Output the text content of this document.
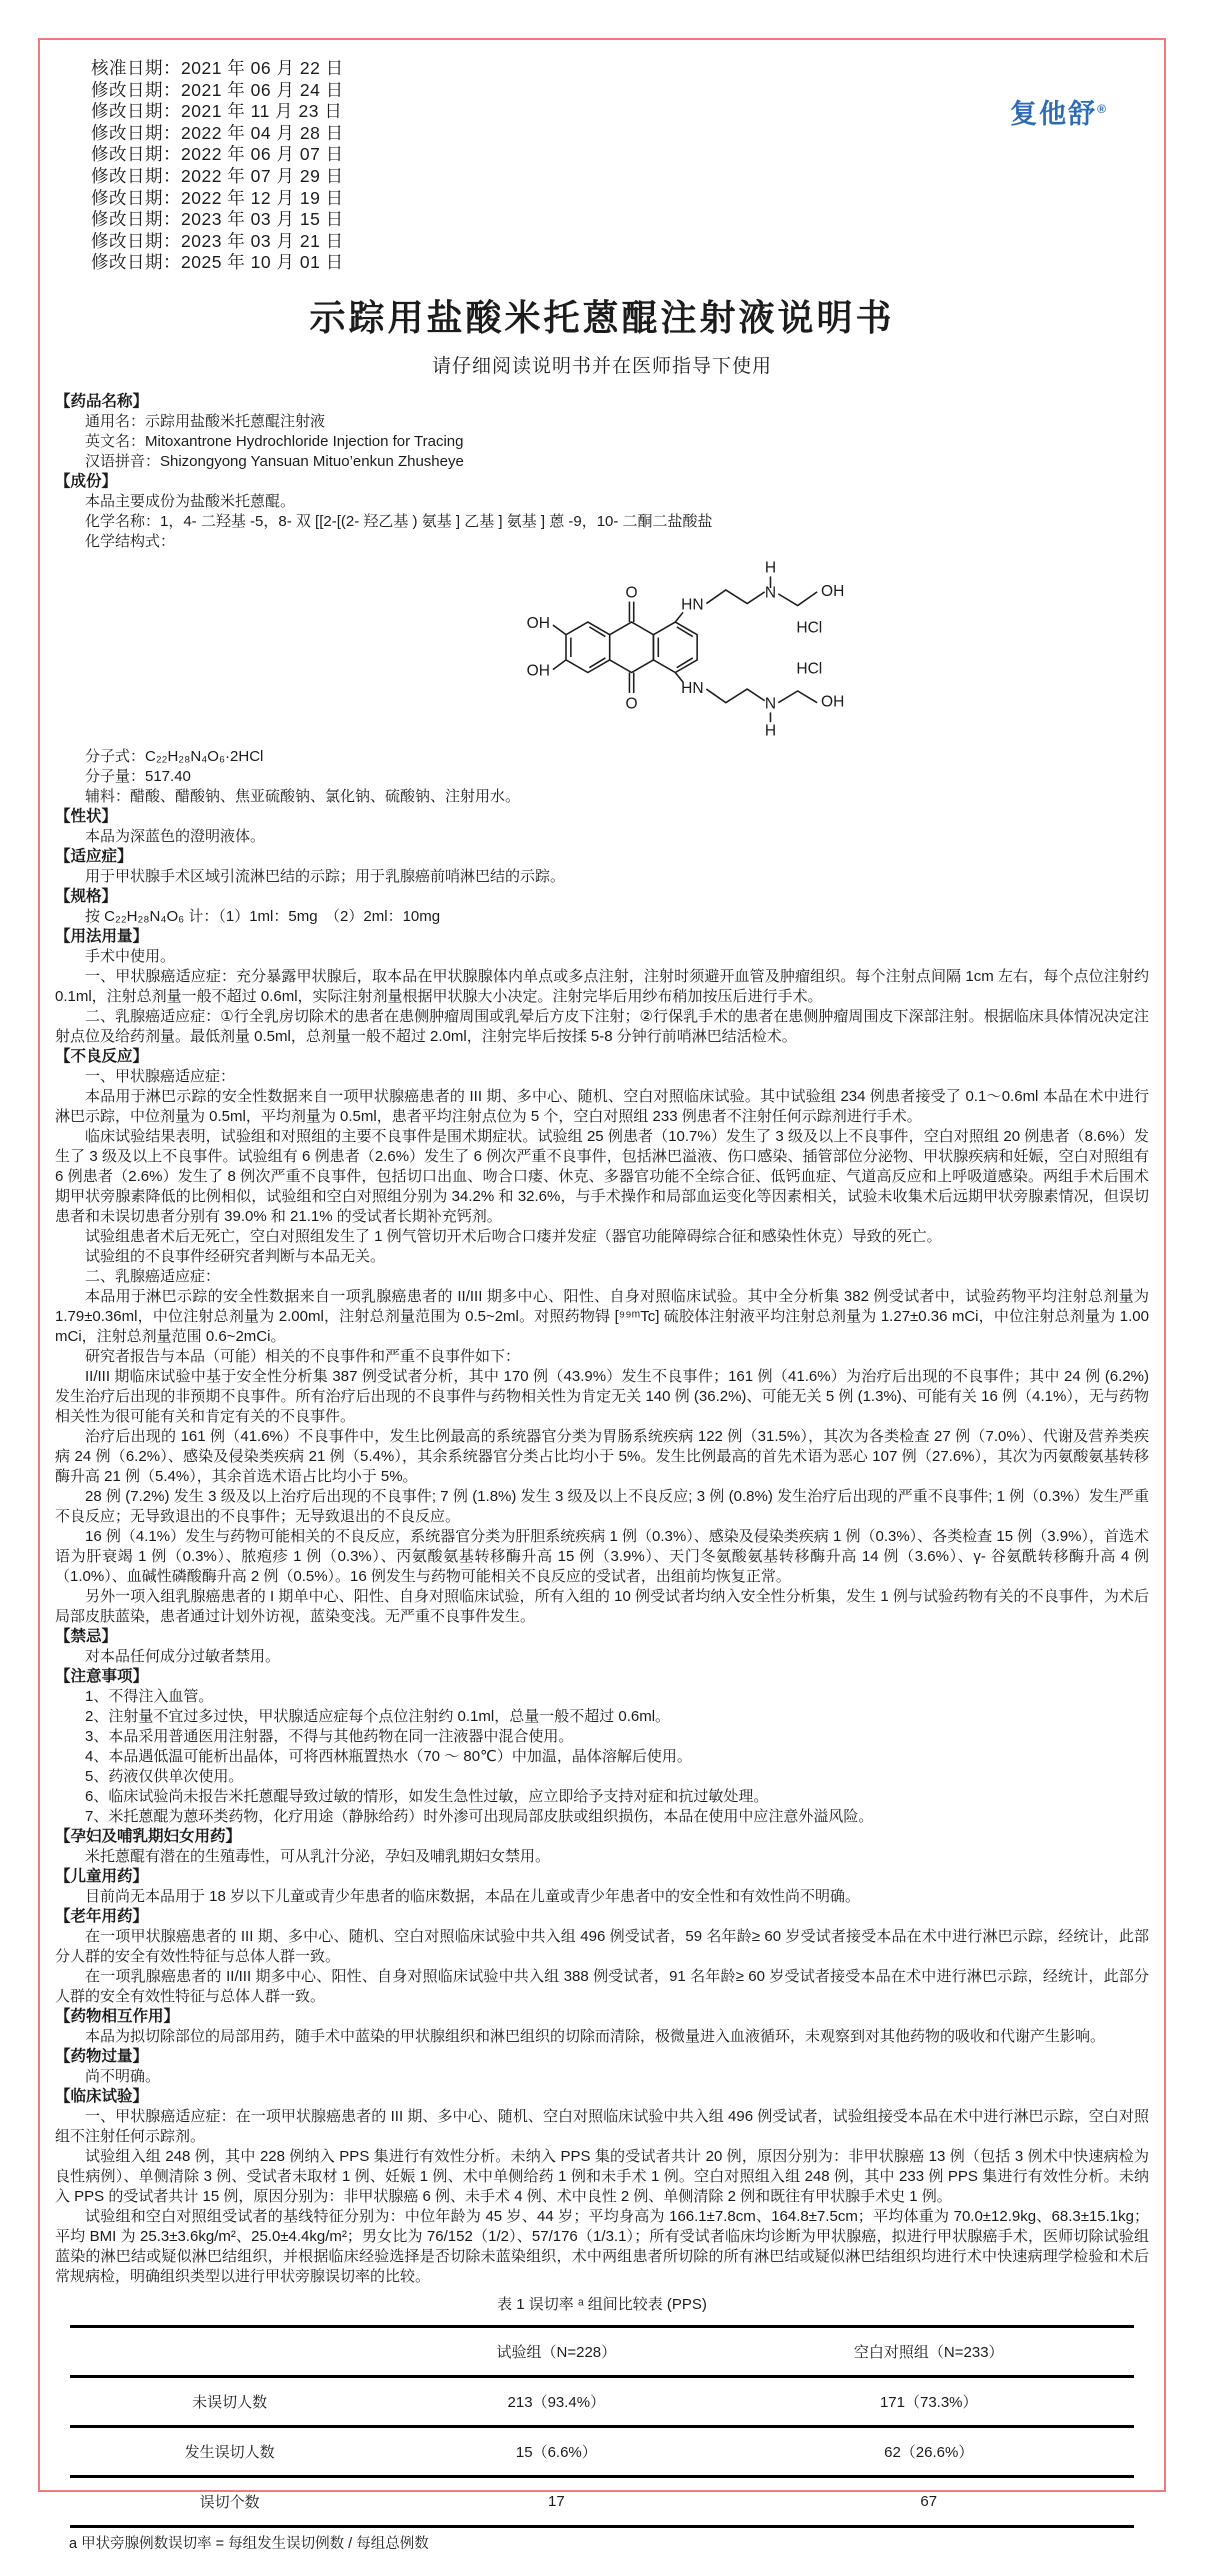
复他舒®
核准日期：2021 年 06 月 22 日
修改日期：2021 年 06 月 24 日
修改日期：2021 年 11 月 23 日
修改日期：2022 年 04 月 28 日
修改日期：2022 年 06 月 07 日
修改日期：2022 年 07 月 29 日
修改日期：2022 年 12 月 19 日
修改日期：2023 年 03 月 15 日
修改日期：2023 年 03 月 21 日
修改日期：2025 年 10 月 01 日
示踪用盐酸米托蒽醌注射液说明书
请仔细阅读说明书并在医师指导下使用
【药品名称】

通用名：示踪用盐酸米托蒽醌注射液

英文名：Mitoxantrone Hydrochloride Injection for Tracing

汉语拼音：Shizongyong Yansuan Mituo’enkun Zhusheye

【成份】

本品主要成份为盐酸米托蒽醌。

化学名称：1，4- 二羟基 -5，8- 双 [[2-[(2- 羟乙基 ) 氨基 ] 乙基 ] 氨基 ] 蒽 -9，10- 二酮二盐酸盐

化学结构式：

OH
O
HN
H
N	OH
HCl
OH
O
HN
HCl
N
H
OH

分子式：C₂₂H₂₈N₄O₆·2HCl

分子量：517.40

辅料：醋酸、醋酸钠、焦亚硫酸钠、氯化钠、硫酸钠、注射用水。

【性状】

本品为深蓝色的澄明液体。

【适应症】

用于甲状腺手术区域引流淋巴结的示踪；用于乳腺癌前哨淋巴结的示踪。

【规格】

按 C₂₂H₂₈N₄O₆ 计：（1）1ml：5mg　（2）2ml：10mg

【用法用量】

手术中使用。

一、甲状腺癌适应症：充分暴露甲状腺后，取本品在甲状腺腺体内单点或多点注射，注射时须避开血管及肿瘤组织。每个注射点间隔 1cm 左右，每个点位注射约 0.1ml，注射总剂量一般不超过 0.6ml，实际注射剂量根据甲状腺大小决定。注射完毕后用纱布稍加按压后进行手术。

二、乳腺癌适应症：①行全乳房切除术的患者在患侧肿瘤周围或乳晕后方皮下注射；②行保乳手术的患者在患侧肿瘤周围皮下深部注射。根据临床具体情况决定注射点位及给药剂量。最低剂量 0.5ml，总剂量一般不超过 2.0ml，注射完毕后按揉 5-8 分钟行前哨淋巴结活检术。

【不良反应】

一、甲状腺癌适应症：

本品用于淋巴示踪的安全性数据来自一项甲状腺癌患者的 III 期、多中心、随机、空白对照临床试验。其中试验组 234 例患者接受了 0.1～0.6ml 本品在术中进行淋巴示踪，中位剂量为 0.5ml，平均剂量为 0.5ml，患者平均注射点位为 5 个，空白对照组 233 例患者不注射任何示踪剂进行手术。

临床试验结果表明，试验组和对照组的主要不良事件是围术期症状。试验组 25 例患者（10.7%）发生了 3 级及以上不良事件，空白对照组 20 例患者（8.6%）发生了 3 级及以上不良事件。试验组有 6 例患者（2.6%）发生了 6 例次严重不良事件，包括淋巴溢液、伤口感染、插管部位分泌物、甲状腺疾病和妊娠，空白对照组有 6 例患者（2.6%）发生了 8 例次严重不良事件，包括切口出血、吻合口瘘、休克、多器官功能不全综合征、低钙血症、气道高反应和上呼吸道感染。两组手术后围术期甲状旁腺素降低的比例相似，试验组和空白对照组分别为 34.2% 和 32.6%，与手术操作和局部血运变化等因素相关，试验未收集术后远期甲状旁腺素情况，但误切患者和未误切患者分别有 39.0% 和 21.1% 的受试者长期补充钙剂。

试验组患者术后无死亡，空白对照组发生了 1 例气管切开术后吻合口瘘并发症（器官功能障碍综合征和感染性休克）导致的死亡。

试验组的不良事件经研究者判断与本品无关。

二、乳腺癌适应症：

本品用于淋巴示踪的安全性数据来自一项乳腺癌患者的 II/III 期多中心、阳性、自身对照临床试验。其中全分析集 382 例受试者中，试验药物平均注射总剂量为 1.79±0.36ml，中位注射总剂量为 2.00ml，注射总剂量范围为 0.5~2ml。对照药物锝 [⁹⁹ᵐTc] 硫胶体注射液平均注射总剂量为 1.27±0.36 mCi，中位注射总剂量为 1.00 mCi，注射总剂量范围 0.6~2mCi。

研究者报告与本品（可能）相关的不良事件和严重不良事件如下：

II/III 期临床试验中基于安全性分析集 387 例受试者分析，其中 170 例（43.9%）发生不良事件；161 例（41.6%）为治疗后出现的不良事件；其中 24 例 (6.2%) 发生治疗后出现的非预期不良事件。所有治疗后出现的不良事件与药物相关性为肯定无关 140 例 (36.2%)、可能无关 5 例 (1.3%)、可能有关 16 例（4.1%），无与药物相关性为很可能有关和肯定有关的不良事件。

治疗后出现的 161 例（41.6%）不良事件中，发生比例最高的系统器官分类为胃肠系统疾病 122 例（31.5%），其次为各类检查 27 例（7.0%）、代谢及营养类疾病 24 例（6.2%）、感染及侵染类疾病 21 例（5.4%），其余系统器官分类占比均小于 5%。发生比例最高的首先术语为恶心 107 例（27.6%），其次为丙氨酸氨基转移酶升高 21 例（5.4%），其余首选术语占比均小于 5%。

28 例 (7.2%) 发生 3 级及以上治疗后出现的不良事件; 7 例 (1.8%) 发生 3 级及以上不良反应; 3 例 (0.8%) 发生治疗后出现的严重不良事件; 1 例（0.3%）发生严重不良反应；无导致退出的不良事件；无导致退出的不良反应。

16 例（4.1%）发生与药物可能相关的不良反应，系统器官分类为肝胆系统疾病 1 例（0.3%）、感染及侵染类疾病 1 例（0.3%）、各类检查 15 例（3.9%），首选术语为肝衰竭 1 例（0.3%）、脓疱疹 1 例（0.3%）、丙氨酸氨基转移酶升高 15 例（3.9%）、天门冬氨酸氨基转移酶升高 14 例（3.6%）、γ- 谷氨酰转移酶升高 4 例（1.0%）、血碱性磷酸酶升高 2 例（0.5%）。16 例发生与药物可能相关不良反应的受试者，出组前均恢复正常。

另外一项入组乳腺癌患者的 I 期单中心、阳性、自身对照临床试验，所有入组的 10 例受试者均纳入安全性分析集，发生 1 例与试验药物有关的不良事件，为术后局部皮肤蓝染，患者通过计划外访视，蓝染变浅。无严重不良事件发生。

【禁忌】

对本品任何成分过敏者禁用。

【注意事项】

1、不得注入血管。

2、注射量不宜过多过快，甲状腺适应症每个点位注射约 0.1ml，总量一般不超过 0.6ml。

3、本品采用普通医用注射器，不得与其他药物在同一注液器中混合使用。

4、本品遇低温可能析出晶体，可将西林瓶置热水（70 ～ 80℃）中加温，晶体溶解后使用。

5、药液仅供单次使用。

6、临床试验尚未报告米托蒽醌导致过敏的情形，如发生急性过敏，应立即给予支持对症和抗过敏处理。

7、米托蒽醌为蒽环类药物，化疗用途（静脉给药）时外渗可出现局部皮肤或组织损伤，本品在使用中应注意外溢风险。

【孕妇及哺乳期妇女用药】

米托蒽醌有潜在的生殖毒性，可从乳汁分泌，孕妇及哺乳期妇女禁用。

【儿童用药】

目前尚无本品用于 18 岁以下儿童或青少年患者的临床数据，本品在儿童或青少年患者中的安全性和有效性尚不明确。

【老年用药】

在一项甲状腺癌患者的 III 期、多中心、随机、空白对照临床试验中共入组 496 例受试者，59 名年龄≥ 60 岁受试者接受本品在术中进行淋巴示踪，经统计，此部分人群的安全有效性特征与总体人群一致。

在一项乳腺癌患者的 II/III 期多中心、阳性、自身对照临床试验中共入组 388 例受试者，91 名年龄≥ 60 岁受试者接受本品在术中进行淋巴示踪，经统计，此部分人群的安全有效性特征与总体人群一致。

【药物相互作用】

本品为拟切除部位的局部用药，随手术中蓝染的甲状腺组织和淋巴组织的切除而清除，极微量进入血液循环，未观察到对其他药物的吸收和代谢产生影响。

【药物过量】

尚不明确。

【临床试验】

一、甲状腺癌适应症：在一项甲状腺癌患者的 III 期、多中心、随机、空白对照临床试验中共入组 496 例受试者，试验组接受本品在术中进行淋巴示踪，空白对照组不注射任何示踪剂。

试验组入组 248 例，其中 228 例纳入 PPS 集进行有效性分析。未纳入 PPS 集的受试者共计 20 例，原因分别为：非甲状腺癌 13 例（包括 3 例术中快速病检为良性病例）、单侧清除 3 例、受试者未取材 1 例、妊娠 1 例、术中单侧给药 1 例和未手术 1 例。空白对照组入组 248 例，其中 233 例 PPS 集进行有效性分析。未纳入 PPS 的受试者共计 15 例，原因分别为：非甲状腺癌 6 例、未手术 4 例、术中良性 2 例、单侧清除 2 例和既往有甲状腺手术史 1 例。

试验组和空白对照组受试者的基线特征分别为：中位年龄为 45 岁、44 岁；平均身高为 166.1±7.8cm、164.8±7.5cm；平均体重为 70.0±12.9kg、68.3±15.1kg；平均 BMI 为 25.3±3.6kg/m²、25.0±4.4kg/m²；男女比为 76/152（1/2）、57/176（1/3.1）；所有受试者临床均诊断为甲状腺癌，拟进行甲状腺癌手术，医师切除试验组蓝染的淋巴结或疑似淋巴结组织，并根据临床经验选择是否切除未蓝染组织，术中两组患者所切除的所有淋巴结或疑似淋巴结组织均进行术中快速病理学检验和术后常规病检，明确组织类型以进行甲状旁腺误切率的比较。

表 1 误切率 ᵃ 组间比较表 (PPS)
	试验组（N=228）	空白对照组（N=233）
未误切人数	213（93.4%）	171（73.3%）
发生误切人数	15（6.6%）	62（26.6%）
误切个数	17	67
a 甲状旁腺例数误切率 = 每组发生误切例数 / 每组总例数
